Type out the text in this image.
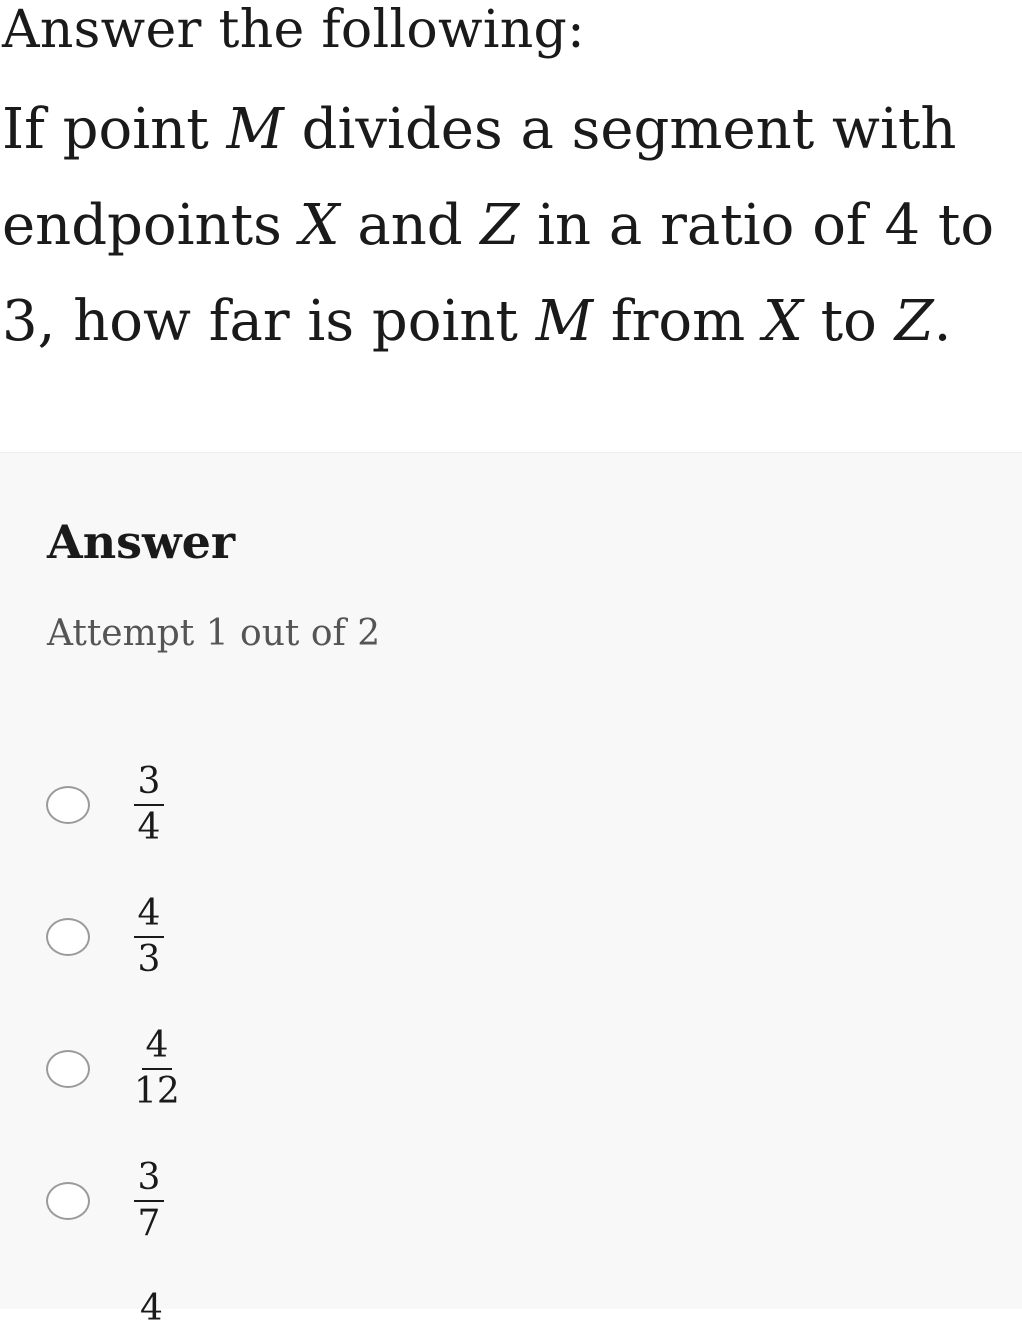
Answer the following:

If point M divides a segment with
endpoints X and Z in a ratio of 4 to
3, how far is point M from X to Z.

Answer
Attempt 1 out of 2
$\frac{3}{4}$
$\frac{4}{3}$
$\frac{4}{12}$
$\frac{3}{7}$
4
